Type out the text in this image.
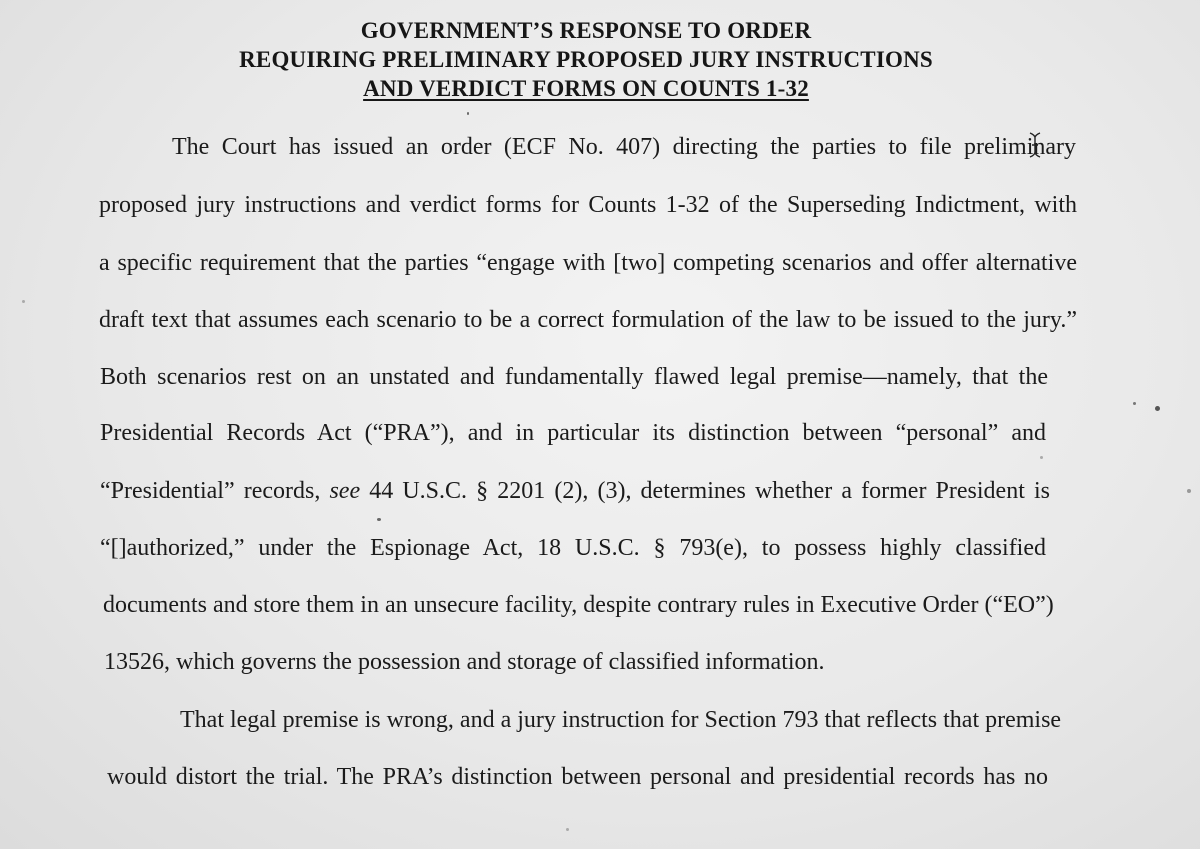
GOVERNMENT’S RESPONSE TO ORDER
REQUIRING PRELIMINARY PROPOSED JURY INSTRUCTIONS
AND VERDICT FORMS ON COUNTS 1-32
The Court has issued an order (ECF No. 407) directing the parties to file preliminary
proposed jury instructions and verdict forms for Counts 1-32 of the Superseding Indictment, with
a specific requirement that the parties “engage with [two] competing scenarios and offer alternative
draft text that assumes each scenario to be a correct formulation of the law to be issued to the jury.”
Both scenarios rest on an unstated and fundamentally flawed legal premise—namely, that the
Presidential Records Act (“PRA”), and in particular its distinction between “personal” and
“Presidential” records, see 44 U.S.C. § 2201 (2), (3), determines whether a former President is
“[]authorized,” under the Espionage Act, 18 U.S.C. § 793(e), to possess highly classified
documents and store them in an unsecure facility, despite contrary rules in Executive Order (“EO”)
13526, which governs the possession and storage of classified information.
That legal premise is wrong, and a jury instruction for Section 793 that reflects that premise
would distort the trial. The PRA’s distinction between personal and presidential records has no
